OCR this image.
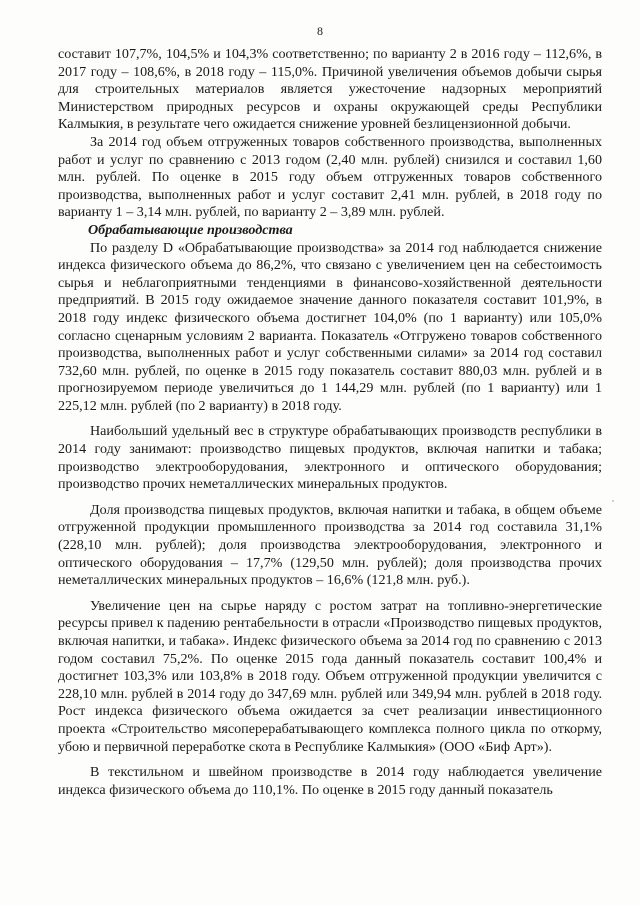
8

составит 107,7%, 104,5% и 104,3% соответственно; по варианту 2 в 2016 году – 112,6%, в 2017 году – 108,6%, в 2018 году – 115,0%. Причиной увеличения объемов добычи сырья для строительных материалов является ужесточение надзорных мероприятий Министерством природных ресурсов и охраны окружающей среды Республики Калмыкия, в результате чего ожидается снижение уровней безлицензионной добычи.

За 2014 год объем отгруженных товаров собственного производства, выполненных работ и услуг по сравнению с 2013 годом (2,40 млн. рублей) снизился и составил 1,60 млн. рублей. По оценке в 2015 году объем отгруженных товаров собственного производства, выполненных работ и услуг составит 2,41 млн. рублей, в 2018 году по варианту 1 – 3,14 млн. рублей, по варианту 2 – 3,89 млн. рублей.

Обрабатывающие производства

По разделу D «Обрабатывающие производства» за 2014 год наблюдается снижение индекса физического объема до 86,2%, что связано с увеличением цен на себестоимость сырья и неблагоприятными тенденциями в финансово-хозяйственной деятельности предприятий. В 2015 году ожидаемое значение данного показателя составит 101,9%, в 2018 году индекс физического объема достигнет 104,0% (по 1 варианту) или 105,0% согласно сценарным условиям 2 варианта. Показатель «Отгружено товаров собственного производства, выполненных работ и услуг собственными силами» за 2014 год составил 732,60 млн. рублей, по оценке в 2015 году показатель составит 880,03 млн. рублей и в прогнозируемом периоде увеличиться до 1 144,29 млн. рублей (по 1 варианту) или 1 225,12 млн. рублей (по 2 варианту) в 2018 году.

Наибольший удельный вес в структуре обрабатывающих производств республики в 2014 году занимают: производство пищевых продуктов, включая напитки и табака; производство электрооборудования, электронного и оптического оборудования; производство прочих неметаллических минеральных продуктов.

Доля производства пищевых продуктов, включая напитки и табака, в общем объеме отгруженной продукции промышленного производства за 2014 год составила 31,1% (228,10 млн. рублей); доля производства электрооборудования, электронного и оптического оборудования – 17,7% (129,50 млн. рублей); доля производства прочих неметаллических минеральных продуктов – 16,6% (121,8 млн. руб.).

Увеличение цен на сырье наряду с ростом затрат на топливно-энергетические ресурсы привел к падению рентабельности в отрасли «Производство пищевых продуктов, включая напитки, и табака». Индекс физического объема за 2014 год по сравнению с 2013 годом составил 75,2%. По оценке 2015 года данный показатель составит 100,4% и достигнет 103,3% или 103,8% в 2018 году. Объем отгруженной продукции увеличится с 228,10 млн. рублей в 2014 году до 347,69 млн. рублей или 349,94 млн. рублей в 2018 году. Рост индекса физического объема ожидается за счет реализации инвестиционного проекта «Строительство мясоперерабатывающего комплекса полного цикла по откорму, убою и первичной переработке скота в Республике Калмыкия» (ООО «Биф Арт»).

В текстильном и швейном производстве в 2014 году наблюдается увеличение индекса физического объема до 110,1%. По оценке в 2015 году данный показатель
